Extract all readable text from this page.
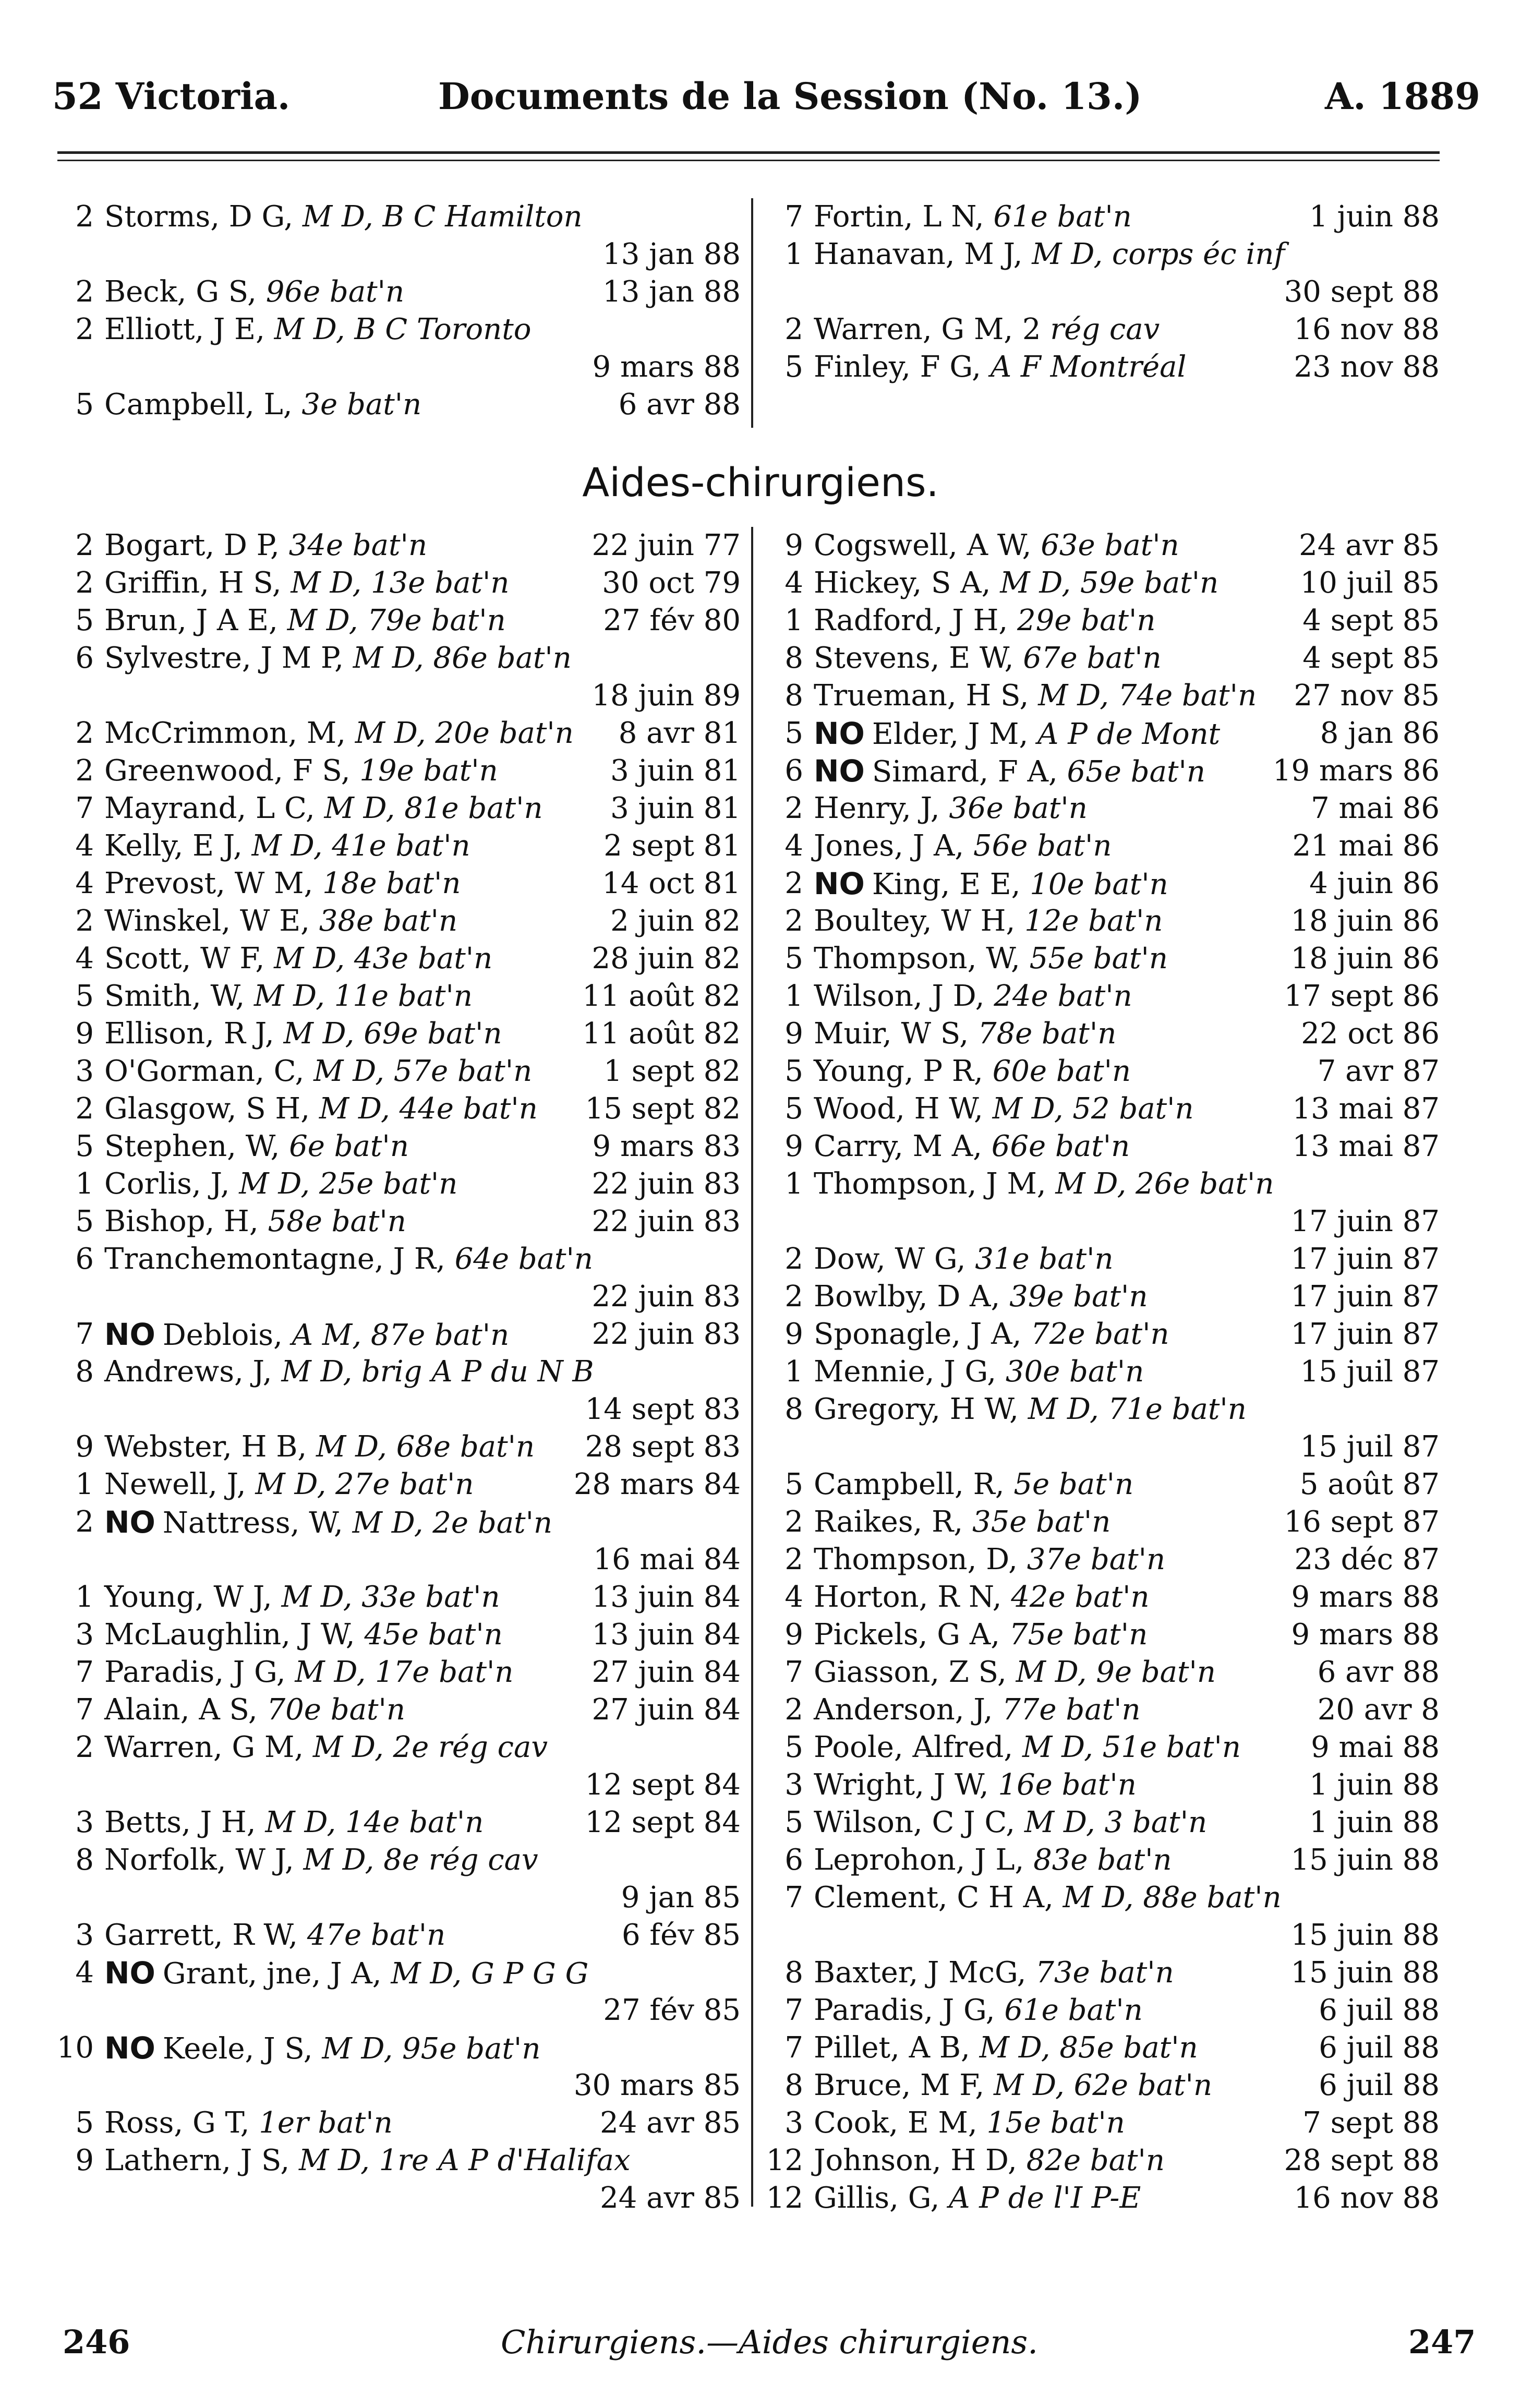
52 Victoria.	Documents de la Session (No. 13.)	A. 1889
2 Storms, D G, M D, B C Hamilton
13 jan 88
2 Beck, G S, 96e bat'n	13 jan 88
2 Elliott, J E, M D, B C Toronto
9 mars 88
5 Campbell, L, 3e bat'n	6 avr 88
7 Fortin, L N, 61e bat'n	1 juin 88
1 Hanavan, M J, M D, corps éc inf
30 sept 88
2 Warren, G M, 2 rég cav	16 nov 88
5 Finley, F G, A F Montréal	23 nov 88
Aides-chirurgiens.
2 Bogart, D P, 34e bat'n	22 juin 77
2 Griffin, H S, M D, 13e bat'n	30 oct 79
5 Brun, J A E, M D, 79e bat'n	27 fév 80
6 Sylvestre, J M P, M D, 86e bat'n
18 juin 89
2 McCrimmon, M, M D, 20e bat'n 8 avr 81
2 Greenwood, F S, 19e bat'n	3 juin 81
7 Mayrand, L C, M D, 81e bat'n 3 juin 81
4 Kelly, E J, M D, 41e bat'n	2 sept 81
4 Prevost, W M, 18e bat'n	14 oct 81
2 Winskel, W E, 38e bat'n	2 juin 82
4 Scott, W F, M D, 43e bat'n	28 juin 82
5 Smith, W, M D, 11e bat'n	11 août 82
9 Ellison, R J, M D, 69e bat'n	11 août 82
3 O'Gorman, C, M D, 57e bat'n 1 sept 82
2 Glasgow, S H, M D, 44e bat'n 15 sept 82
5 Stephen, W, 6e bat'n	9 mars 83
1 Corlis, J, M D, 25e bat'n	22 juin 83
5 Bishop, H, 58e bat'n	22 juin 83
6 Tranchemontagne, J R, 64e bat'n
22 juin 83
7 NO Deblois, A M, 87e bat'n	22 juin 83
8 Andrews, J, M D, brig A P du N B
14 sept 83
9 Webster, H B, M D, 68e bat'n 28 sept 83
1 Newell, J, M D, 27e bat'n	28 mars 84
2 NO Nattress, W, M D, 2e bat'n
16 mai 84
1 Young, W J, M D, 33e bat'n	13 juin 84
3 McLaughlin, J W, 45e bat'n	13 juin 84
7 Paradis, J G, M D, 17e bat'n	27 juin 84
7 Alain, A S, 70e bat'n	27 juin 84
2 Warren, G M, M D, 2e rég cav
12 sept 84
3 Betts, J H, M D, 14e bat'n	12 sept 84
8 Norfolk, W J, M D, 8e rég cav
9 jan 85
3 Garrett, R W, 47e bat'n	6 fév 85
4 NO Grant, jne, J A, M D, G P G G
27 fév 85
10 NO Keele, J S, M D, 95e bat'n
30 mars 85
5 Ross, G T, 1er bat'n	24 avr 85
9 Lathern, J S, M D, 1re A P d'Halifax
24 avr 85
9 Cogswell, A W, 63e bat'n	24 avr 85
4 Hickey, S A, M D, 59e bat'n	10 juil 85
1 Radford, J H, 29e bat'n	4 sept 85
8 Stevens, E W, 67e bat'n	4 sept 85
8 Trueman, H S, M D, 74e bat'n 27 nov 85
5 NO Elder, J M, A P de Mont	8 jan 86
6 NO Simard, F A, 65e bat'n 19 mars 86
2 Henry, J, 36e bat'n	7 mai 86
4 Jones, J A, 56e bat'n	21 mai 86
2 NO King, E E, 10e bat'n	4 juin 86
2 Boultey, W H, 12e bat'n	18 juin 86
5 Thompson, W, 55e bat'n	18 juin 86
1 Wilson, J D, 24e bat'n	17 sept 86
9 Muir, W S, 78e bat'n	22 oct 86
5 Young, P R, 60e bat'n	7 avr 87
5 Wood, H W, M D, 52 bat'n	13 mai 87
9 Carry, M A, 66e bat'n	13 mai 87
1 Thompson, J M, M D, 26e bat'n
17 juin 87
2 Dow, W G, 31e bat'n	17 juin 87
2 Bowlby, D A, 39e bat'n	17 juin 87
9 Sponagle, J A, 72e bat'n	17 juin 87
1 Mennie, J G, 30e bat'n	15 juil 87
8 Gregory, H W, M D, 71e bat'n
15 juil 87
5 Campbell, R, 5e bat'n	5 août 87
2 Raikes, R, 35e bat'n	16 sept 87
2 Thompson, D, 37e bat'n	23 déc 87
4 Horton, R N, 42e bat'n	9 mars 88
9 Pickels, G A, 75e bat'n	9 mars 88
7 Giasson, Z S, M D, 9e bat'n	6 avr 88
2 Anderson, J, 77e bat'n	20 avr 8
5 Poole, Alfred, M D, 51e bat'n 9 mai 88
3 Wright, J W, 16e bat'n	1 juin 88
5 Wilson, C J C, M D, 3 bat'n	1 juin 88
6 Leprohon, J L, 83e bat'n	15 juin 88
7 Clement, C H A, M D, 88e bat'n
15 juin 88
8 Baxter, J McG, 73e bat'n	15 juin 88
7 Paradis, J G, 61e bat'n	6 juil 88
7 Pillet, A B, M D, 85e bat'n	6 juil 88
8 Bruce, M F, M D, 62e bat'n	6 juil 88
3 Cook, E M, 15e bat'n	7 sept 88
12 Johnson, H D, 82e bat'n	28 sept 88
12 Gillis, G, A P de l'I P-E	16 nov 88
246	Chirurgiens.—Aides chirurgiens.	247
